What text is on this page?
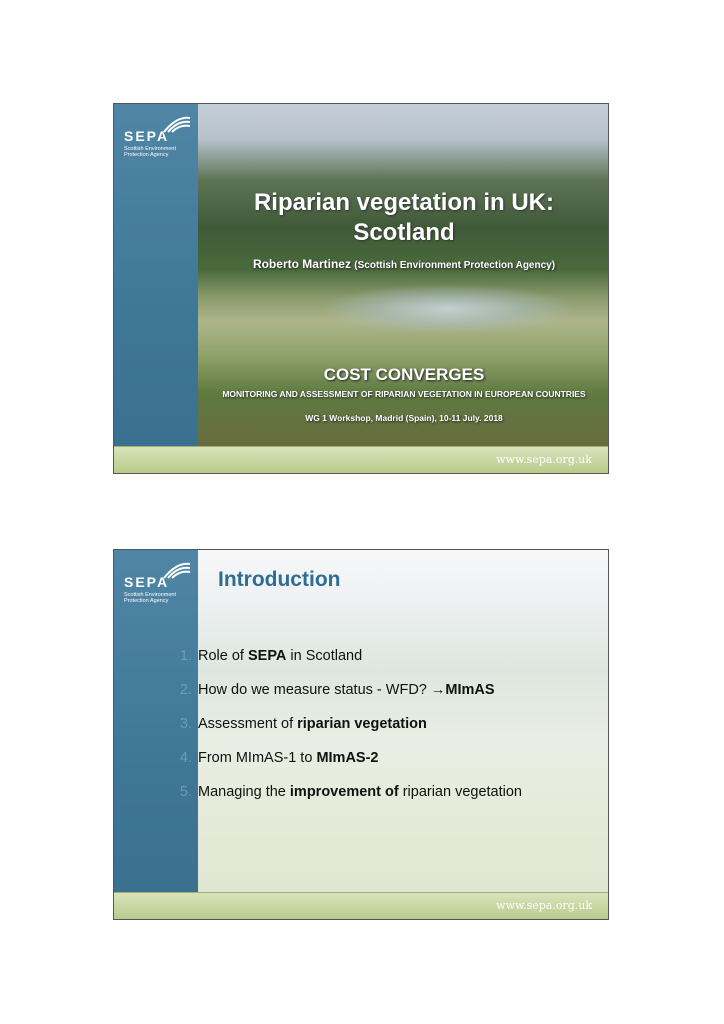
SEPA
Scottish Environment Protection Agency
Riparian vegetation in UK:
Scotland
Roberto Martinez (Scottish Environment Protection Agency)
COST CONVERGES
MONITORING AND ASSESSMENT OF RIPARIAN VEGETATION IN EUROPEAN COUNTRIES
WG 1 Workshop, Madrid (Spain), 10-11 July. 2018
www.sepa.org.uk
SEPA
Scottish Environment Protection Agency
Introduction
1. Role of SEPA in Scotland
2. How do we measure status - WFD? →MImAS
3. Assessment of riparian vegetation
4. From MImAS-1 to MImAS-2
5. Managing the improvement of riparian vegetation
www.sepa.org.uk
